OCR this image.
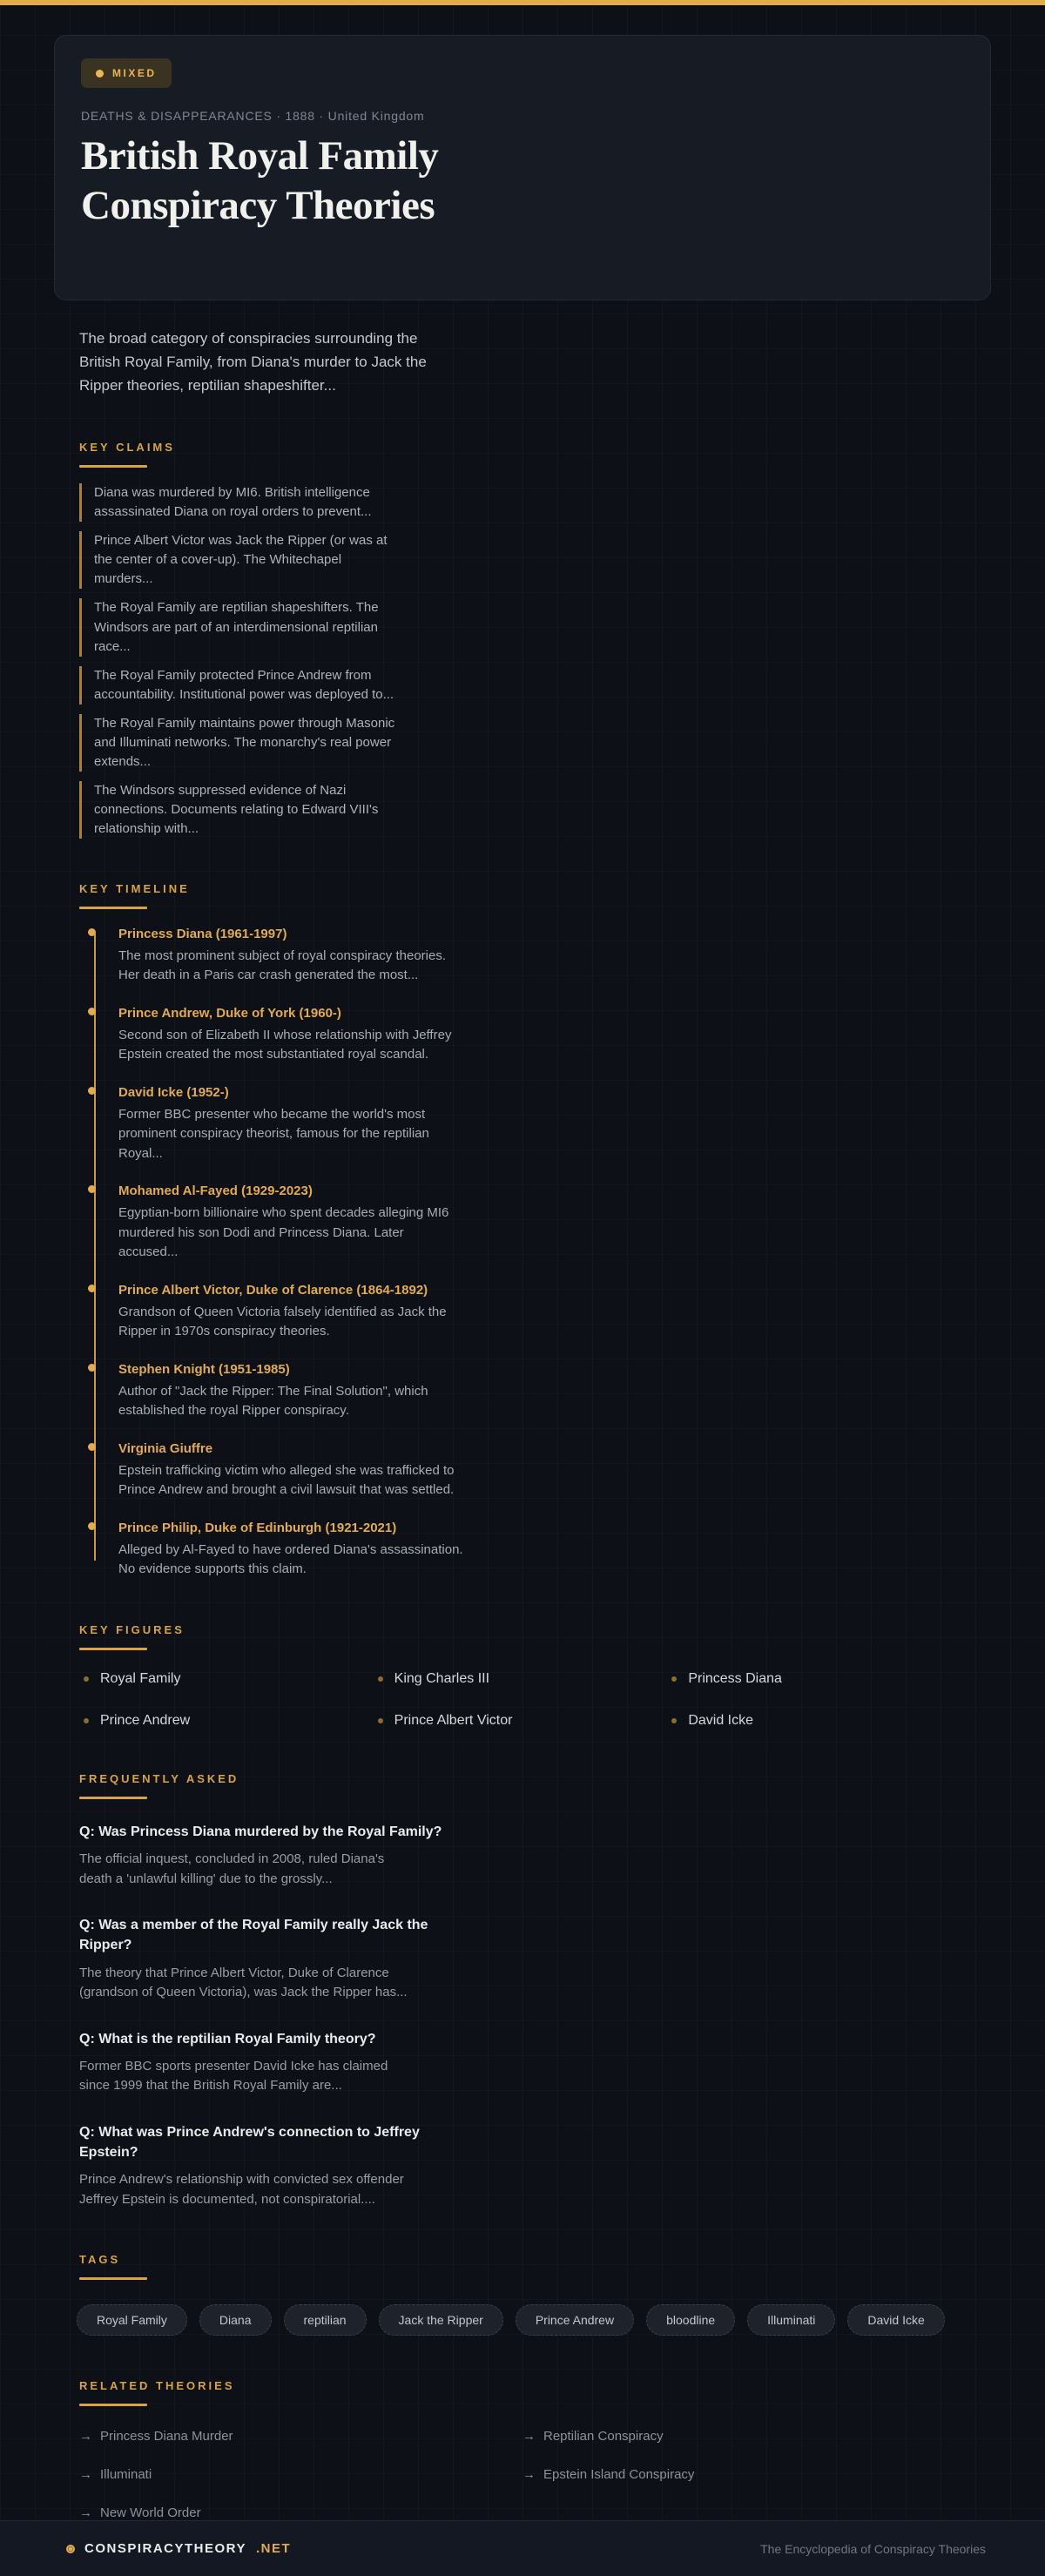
MIXED
DEATHS & DISAPPEARANCES · 1888 · United Kingdom
British Royal Family Conspiracy Theories

The broad category of conspiracies surrounding the British Royal Family, from Diana's murder to Jack the Ripper theories, reptilian shapeshifter...

KEY CLAIMS
Diana was murdered by MI6. British intelligence assassinated Diana on royal orders to prevent...
Prince Albert Victor was Jack the Ripper (or was at the center of a cover-up). The Whitechapel murders...
The Royal Family are reptilian shapeshifters. The Windsors are part of an interdimensional reptilian race...
The Royal Family protected Prince Andrew from accountability. Institutional power was deployed to...
The Royal Family maintains power through Masonic and Illuminati networks. The monarchy's real power extends...
The Windsors suppressed evidence of Nazi connections. Documents relating to Edward VIII's relationship with...
KEY TIMELINE

Princess Diana (1961-1997)

The most prominent subject of royal conspiracy theories. Her death in a Paris car crash generated the most...

Prince Andrew, Duke of York (1960-)

Second son of Elizabeth II whose relationship with Jeffrey Epstein created the most substantiated royal scandal.

David Icke (1952-)

Former BBC presenter who became the world's most prominent conspiracy theorist, famous for the reptilian Royal...

Mohamed Al-Fayed (1929-2023)

Egyptian-born billionaire who spent decades alleging MI6 murdered his son Dodi and Princess Diana. Later accused...

Prince Albert Victor, Duke of Clarence (1864-1892)

Grandson of Queen Victoria falsely identified as Jack the Ripper in 1970s conspiracy theories.

Stephen Knight (1951-1985)

Author of "Jack the Ripper: The Final Solution", which established the royal Ripper conspiracy.

Virginia Giuffre

Epstein trafficking victim who alleged she was trafficked to Prince Andrew and brought a civil lawsuit that was settled.

Prince Philip, Duke of Edinburgh (1921-2021)

Alleged by Al-Fayed to have ordered Diana's assassination. No evidence supports this claim.

KEY FIGURES
Royal Family	King Charles III	Princess Diana
Prince Andrew	Prince Albert Victor	David Icke
FREQUENTLY ASKED

Q: Was Princess Diana murdered by the Royal Family?

The official inquest, concluded in 2008, ruled Diana's death a 'unlawful killing' due to the grossly...

Q: Was a member of the Royal Family really Jack the Ripper?

The theory that Prince Albert Victor, Duke of Clarence (grandson of Queen Victoria), was Jack the Ripper has...

Q: What is the reptilian Royal Family theory?

Former BBC sports presenter David Icke has claimed since 1999 that the British Royal Family are...

Q: What was Prince Andrew's connection to Jeffrey Epstein?

Prince Andrew's relationship with convicted sex offender Jeffrey Epstein is documented, not conspiratorial....

TAGS
Royal Family	Diana	reptilian	Jack the Ripper	Prince Andrew	bloodline	Illuminati	David Icke
RELATED THEORIES
→ Princess Diana Murder	→ Reptilian Conspiracy
→ Illuminati	→ Epstein Island Conspiracy
→ New World Order
CONSPIRACYTHEORY .NET	The Encyclopedia of Conspiracy Theories
